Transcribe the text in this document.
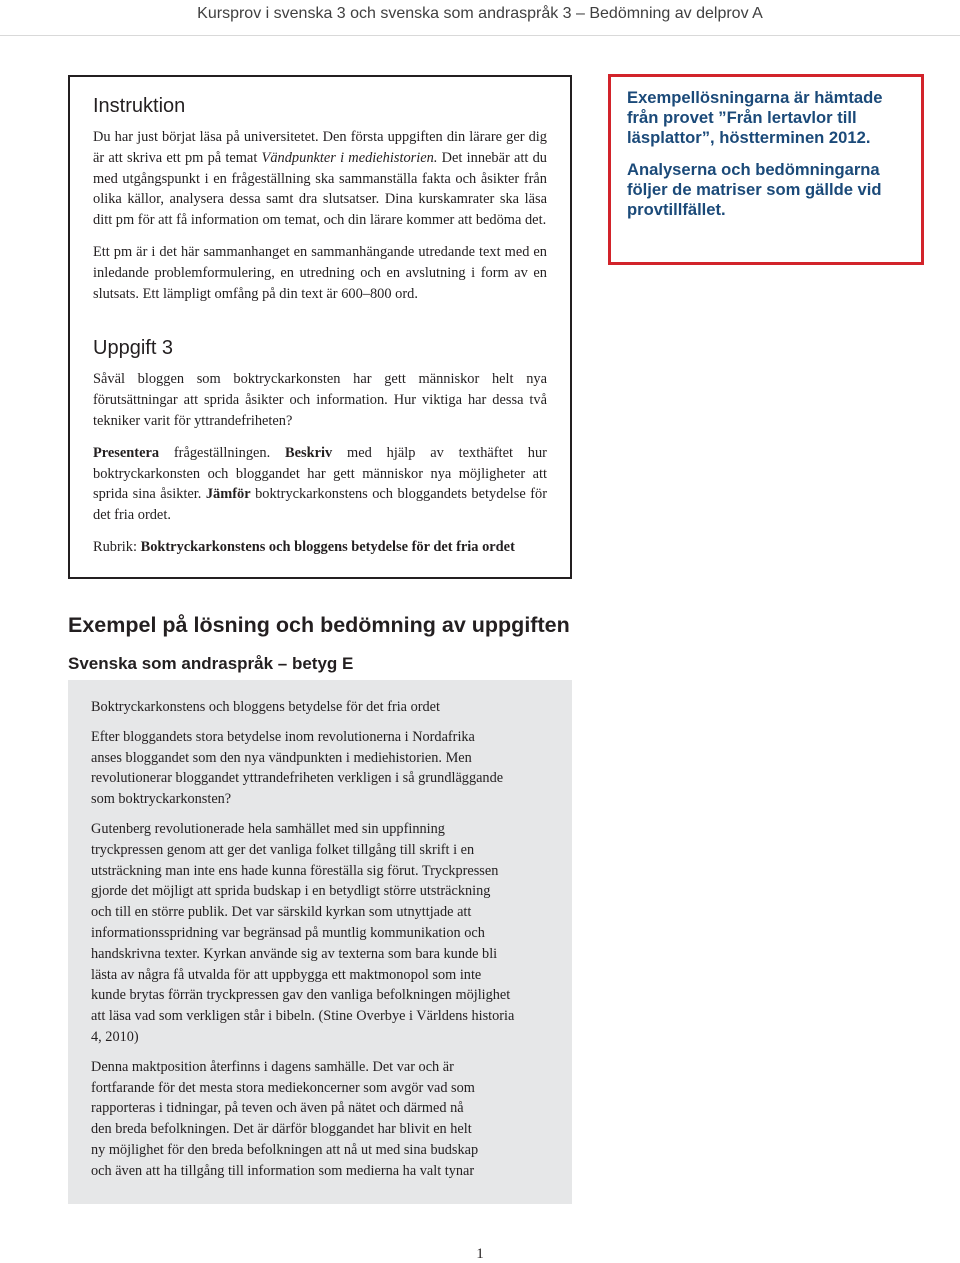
Kursprov i svenska 3 och svenska som andraspråk 3 – Bedömning av delprov A
Instruktion

Du har just börjat läsa på universitetet. Den första uppgiften din lärare ger dig är att skriva ett pm på temat Vändpunkter i mediehistorien. Det innebär att du med utgångspunkt i en frågeställning ska sammanställa fakta och åsikter från olika källor, analysera dessa samt dra slutsatser. Dina kurskamrater ska läsa ditt pm för att få information om temat, och din lärare kommer att bedöma det.

Ett pm är i det här sammanhanget en sammanhängande utredande text med en inledande problemformulering, en utredning och en avslutning i form av en slutsats. Ett lämpligt omfång på din text är 600–800 ord.

Uppgift 3

Såväl bloggen som boktryckarkonsten har gett människor helt nya förutsättningar att sprida åsikter och information. Hur viktiga har dessa två tekniker varit för yttrandefriheten?

Presentera frågeställningen. Beskriv med hjälp av texthäftet hur boktryckarkonsten och bloggandet har gett människor nya möjligheter att sprida sina åsikter. Jämför boktryckarkonstens och bloggandets betydelse för det fria ordet.

Rubrik: Boktryckarkonstens och bloggens betydelse för det fria ordet

Exempellösningarna är hämtade från provet ”Från lertavlor till läsplattor”, höstterminen 2012.

Analyserna och bedömningarna följer de matriser som gällde vid provtillfället.

Exempel på lösning och bedömning av uppgiften
Svenska som andraspråk – betyg E

Boktryckarkonstens och bloggens betydelse för det fria ordet

Efter bloggandets stora betydelse inom revolutionerna i Nordafrika
anses bloggandet som den nya vändpunkten i mediehistorien. Men
revolutionerar bloggandet yttrandefriheten verkligen i så grundläggande
som boktryckarkonsten?

Gutenberg revolutionerade hela samhället med sin uppfinning
tryckpressen genom att ger det vanliga folket tillgång till skrift i en
utsträckning man inte ens hade kunna föreställa sig förut. Tryckpressen
gjorde det möjligt att sprida budskap i en betydligt större utsträckning
och till en större publik. Det var särskild kyrkan som utnyttjade att
informationsspridning var begränsad på muntlig kommunikation och
handskrivna texter. Kyrkan använde sig av texterna som bara kunde bli
lästa av några få utvalda för att uppbygga ett maktmonopol som inte
kunde brytas förrän tryckpressen gav den vanliga befolkningen möjlighet
att läsa vad som verkligen står i bibeln. (Stine Overbye i Världens historia
4, 2010)

Denna maktposition återfinns i dagens samhälle. Det var och är
fortfarande för det mesta stora mediekoncerner som avgör vad som
rapporteras i tidningar, på teven och även på nätet och därmed nå
den breda befolkningen. Det är därför bloggandet har blivit en helt
ny möjlighet för den breda befolkningen att nå ut med sina budskap
och även att ha tillgång till information som medierna ha valt tynar

1
